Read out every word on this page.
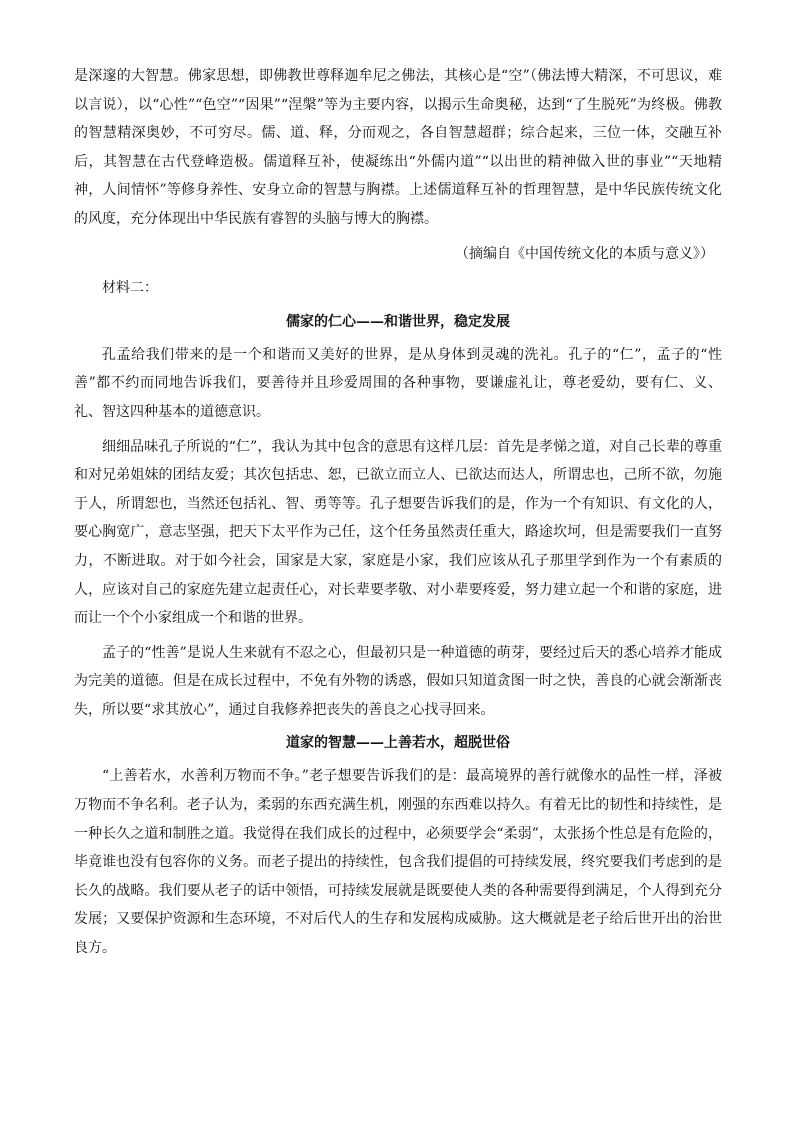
是深邃的大智慧。佛家思想，即佛教世尊释迦牟尼之佛法，其核心是“空”（佛法博大精深，不可思议，难以言说），以“心性”“色空”“因果”“涅槃”等为主要内容，以揭示生命奥秘，达到“了生脱死”为终极。佛教的智慧精深奥妙，不可穷尽。儒、道、释，分而观之，各自智慧超群；综合起来，三位一体，交融互补后，其智慧在古代登峰造极。儒道释互补，使凝练出“外儒内道”“以出世的精神做入世的事业”“天地精神，人间情怀”等修身养性、安身立命的智慧与胸襟。上述儒道释互补的哲理智慧，是中华民族传统文化的风度，充分体现出中华民族有睿智的头脑与博大的胸襟。

（摘编自《中国传统文化的本质与意义》）

材料二：

儒家的仁心——和谐世界，稳定发展

孔孟给我们带来的是一个和谐而又美好的世界，是从身体到灵魂的洗礼。孔子的“仁”，孟子的“性善”都不约而同地告诉我们，要善待并且珍爱周围的各种事物，要谦虚礼让，尊老爱幼，要有仁、义、礼、智这四种基本的道德意识。

细细品味孔子所说的“仁”，我认为其中包含的意思有这样几层：首先是孝悌之道，对自己长辈的尊重和对兄弟姐妹的团结友爱；其次包括忠、恕，已欲立而立人、已欲达而达人，所谓忠也，己所不欲，勿施于人，所谓恕也，当然还包括礼、智、勇等等。孔子想要告诉我们的是，作为一个有知识、有文化的人，要心胸宽广，意志坚强，把天下太平作为己任，这个任务虽然责任重大，路途坎坷，但是需要我们一直努力，不断进取。对于如今社会，国家是大家，家庭是小家，我们应该从孔子那里学到作为一个有素质的人，应该对自己的家庭先建立起责任心，对长辈要孝敬、对小辈要疼爱，努力建立起一个和谐的家庭，进而让一个个小家组成一个和谐的世界。

孟子的“性善”是说人生来就有不忍之心，但最初只是一种道德的萌芽，要经过后天的悉心培养才能成为完美的道德。但是在成长过程中，不免有外物的诱惑，假如只知道贪图一时之快，善良的心就会渐渐丧失，所以要“求其放心”，通过自我修养把丧失的善良之心找寻回来。

道家的智慧——上善若水，超脱世俗

“上善若水，水善利万物而不争。”老子想要告诉我们的是：最高境界的善行就像水的品性一样，泽被万物而不争名利。老子认为，柔弱的东西充满生机，刚强的东西难以持久。有着无比的韧性和持续性，是一种长久之道和制胜之道。我觉得在我们成长的过程中，必须要学会“柔弱”，太张扬个性总是有危险的，毕竟谁也没有包容你的义务。而老子提出的持续性，包含我们提倡的可持续发展，终究要我们考虑到的是长久的战略。我们要从老子的话中领悟，可持续发展就是既要使人类的各种需要得到满足，个人得到充分发展；又要保护资源和生态环境，不对后代人的生存和发展构成威胁。这大概就是老子给后世开出的治世良方。
